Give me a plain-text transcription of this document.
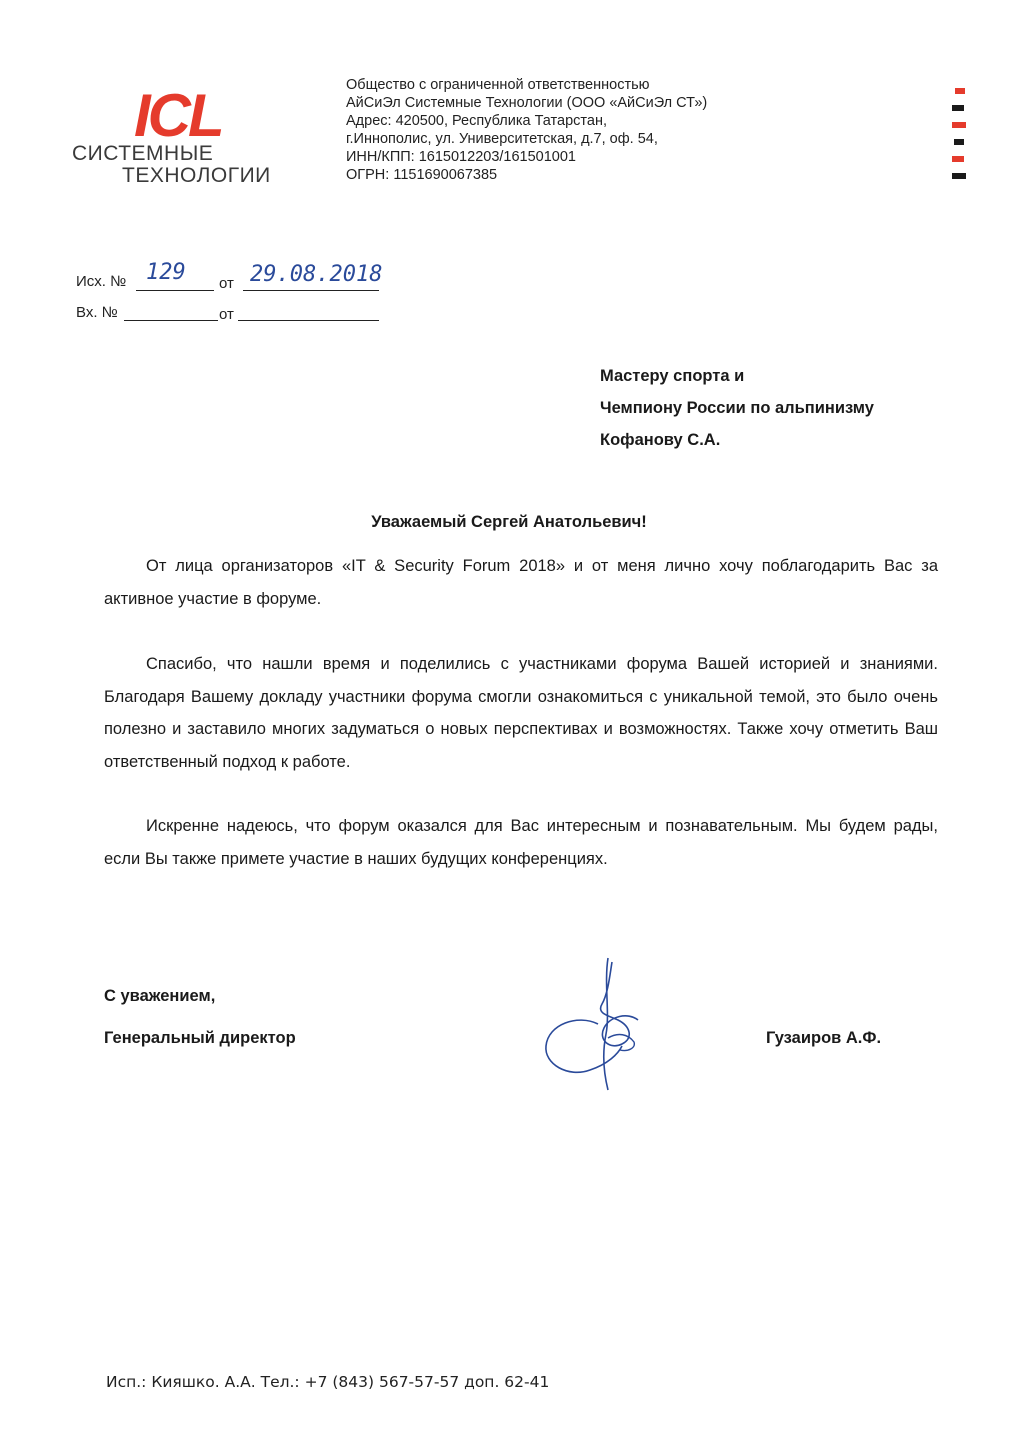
ICL
СИСТЕМНЫЕ
ТЕХНОЛОГИИ
Общество с ограниченной ответственностью
АйСиЭл Системные Технологии (ООО «АйСиЭл СТ»)
Адрес: 420500, Республика Татарстан,
г.Иннополис, ул. Университетская, д.7, оф. 54,
ИНН/КПП: 1615012203/161501001
ОГРН: 1151690067385
Исх. № 129 от 29.08.2018
Вх. №	от
Мастеру спорта и
Чемпиону России по альпинизму
Кофанову С.А.
Уважаемый Сергей Анатольевич!
От лица организаторов «IT & Security Forum 2018» и от меня лично хочу поблагодарить Вас за активное участие в форуме.
Спасибо, что нашли время и поделились с участниками форума Вашей историей и знаниями. Благодаря Вашему докладу участники форума смогли ознакомиться с уникальной темой, это было очень полезно и заставило многих задуматься о новых перспективах и возможностях. Также хочу отметить Ваш ответственный подход к работе.
Искренне надеюсь, что форум оказался для Вас интересным и познавательным. Мы будем рады, если Вы также примете участие в наших будущих конференциях.
С уважением,
Генеральный директор	Гузаиров А.Ф.
Исп.: Кияшко. А.А. Тел.: +7 (843) 567-57-57 доп. 62-41
